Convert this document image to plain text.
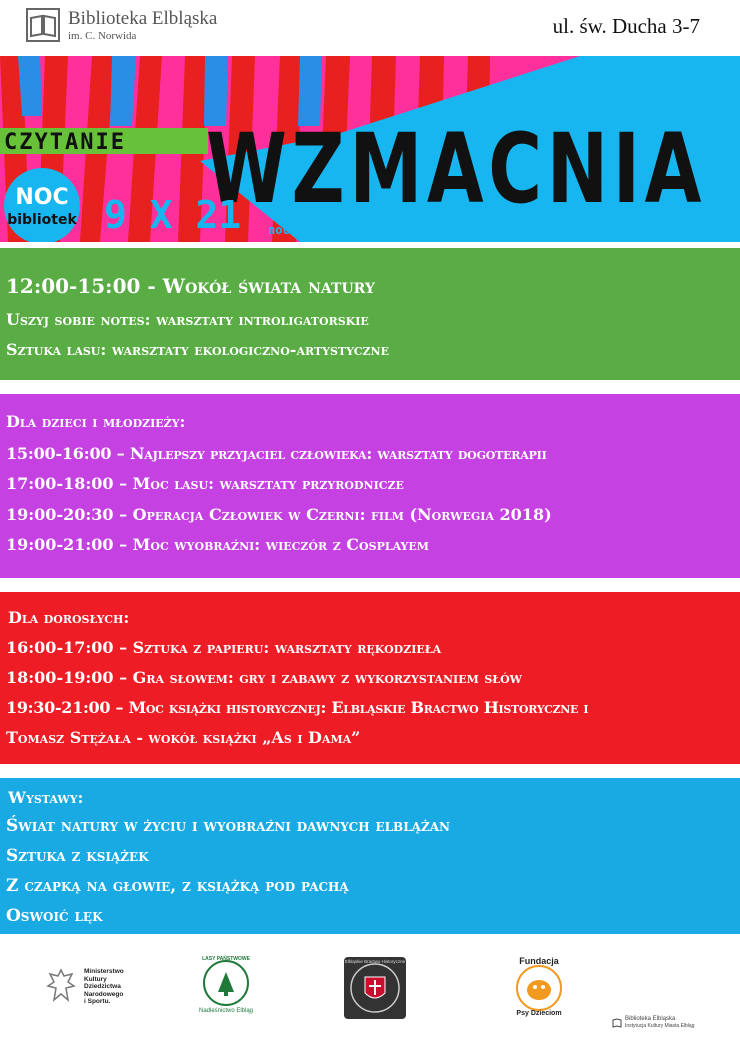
Biblioteka Elbląska
im. C. Norwida	ul. św. Ducha 3-7
CZYTANIE WZMACNIA
NOC
bibliotek 9 X 21 nocbibliotek.pl
12:00-15:00 - Wokół świata natury
Uszyj sobie notes: warsztaty introligatorskie
Sztuka lasu: warsztaty ekologiczno-artystyczne
Dla dzieci i młodzieży:
15:00-16:00 – Najlepszy przyjaciel człowieka: warsztaty dogoterapii
17:00-18:00 – Moc lasu: warsztaty przyrodnicze
19:00-20:30 – Operacja Człowiek w Czerni: film (Norwegia 2018)
19:00-21:00 – Moc wyobraźni: wieczór z Cosplayem
Dla dorosłych:
16:00-17:00 – Sztuka z papieru: warsztaty rękodzieła
18:00-19:00 – Gra słowem: gry i zabawy z wykorzystaniem słów
19:30-21:00 – Moc książki historycznej: Elbląskie Bractwo Historyczne i
Tomasz Stężała - wokół książki „As i Dama”
Wystawy:
Świat natury w życiu i wyobraźni dawnych elblążan
Sztuka z książek
Z czapką na głowie, z książką pod pachą
Oswoić lęk
Ministerstwo
Kultury
Dziedzictwa
Narodowego
i Sportu.
LASY PAŃSTWOWE
Nadleśnictwo Elbląg
Elbląskie Bractwo Historyczne	Fundacja
Psy Dzieciom
Biblioteka Elbląska
Instytucja Kultury Miasta Elbląg
